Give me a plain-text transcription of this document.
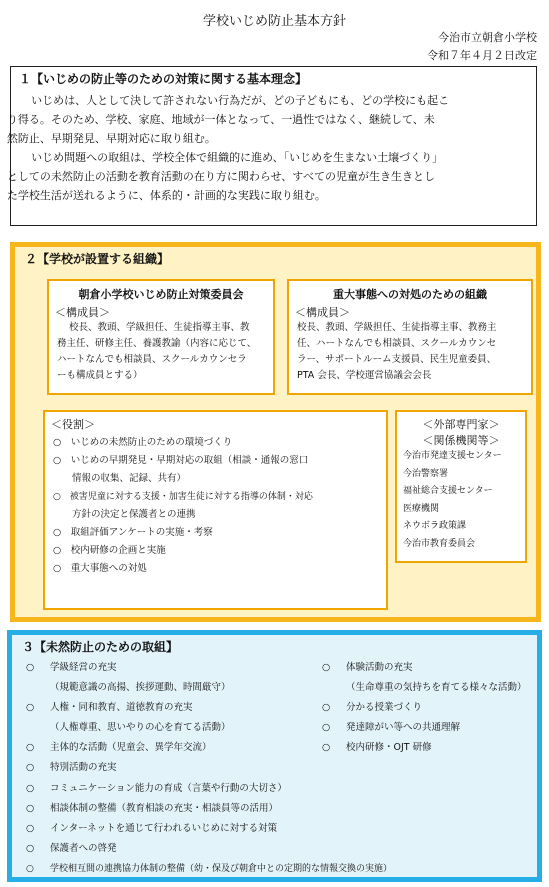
学校いじめ防止基本方針
今治市立朝倉小学校
令和７年４月２日改定
１【いじめの防止等のための対策に関する基本理念】

いじめは、人として決して許されない行為だが、どの子どもにも、どの学校にも起こ
り得る。そのため、学校、家庭、地域が一体となって、一過性ではなく、継続して、未
然防止、早期発見、早期対応に取り組む。

いじめ問題への取組は、学校全体で組織的に進め、「いじめを生まない土壌づくり」
としての未然防止の活動を教育活動の在り方に関わらせ、すべての児童が生き生きとし
た学校生活が送れるように、体系的・計画的な実践に取り組む。

２【学校が設置する組織】
朝倉小学校いじめ防止対策委員会
＜構成員＞
校長、教頭、学級担任、生徒指導主事、教
務主任、研修主任、養護教諭（内容に応じて、
ハートなんでも相談員、スクールカウンセラ
ーも構成員とする）
重大事態への対処のための組織
＜構成員＞
校長、教頭、学級担任、生徒指導主事、教務主
任、ハートなんでも相談員、スクールカウンセ
ラー、サポートルーム支援員、民生児童委員、
PTA 会長、学校運営協議会会長
＜役割＞
○　いじめの未然防止のための環境づくり
○　いじめの早期発見・早期対応の取組（相談・通報の窓口
　　情報の収集、記録、共有）
○　被害児童に対する支援・加害生徒に対する指導の体制・対応
　　方針の決定と保護者との連携
○　取組評価アンケートの実施・考察
○　校内研修の企画と実施
○　重大事態への対処
＜外部専門家＞
＜関係機関等＞
今治市発達支援センター
今治警察署
福祉総合支援センター
医療機関
ネウボラ政策課
今治市教育委員会
３【未然防止のための取組】
○ 学級経営の充実
（規範意識の高揚、挨拶運動、時間厳守）
○ 人権・同和教育、道徳教育の充実
（人権尊重、思いやりの心を育てる活動）
○ 主体的な活動（児童会、異学年交流）
○ 特別活動の充実
○ コミュニケーション能力の育成（言葉や行動の大切さ）
○ 相談体制の整備（教育相談の充実・相談員等の活用）
○ インターネットを通じて行われるいじめに対する対策
○ 保護者への啓発
○ 学校相互間の連携協力体制の整備（幼・保及び朝倉中との定期的な情報交換の実施）
○ 体験活動の充実
（生命尊重の気持ちを育てる様々な活動）
○ 分かる授業づくり
○ 発達障がい等への共通理解
○ 校内研修・OJT 研修
